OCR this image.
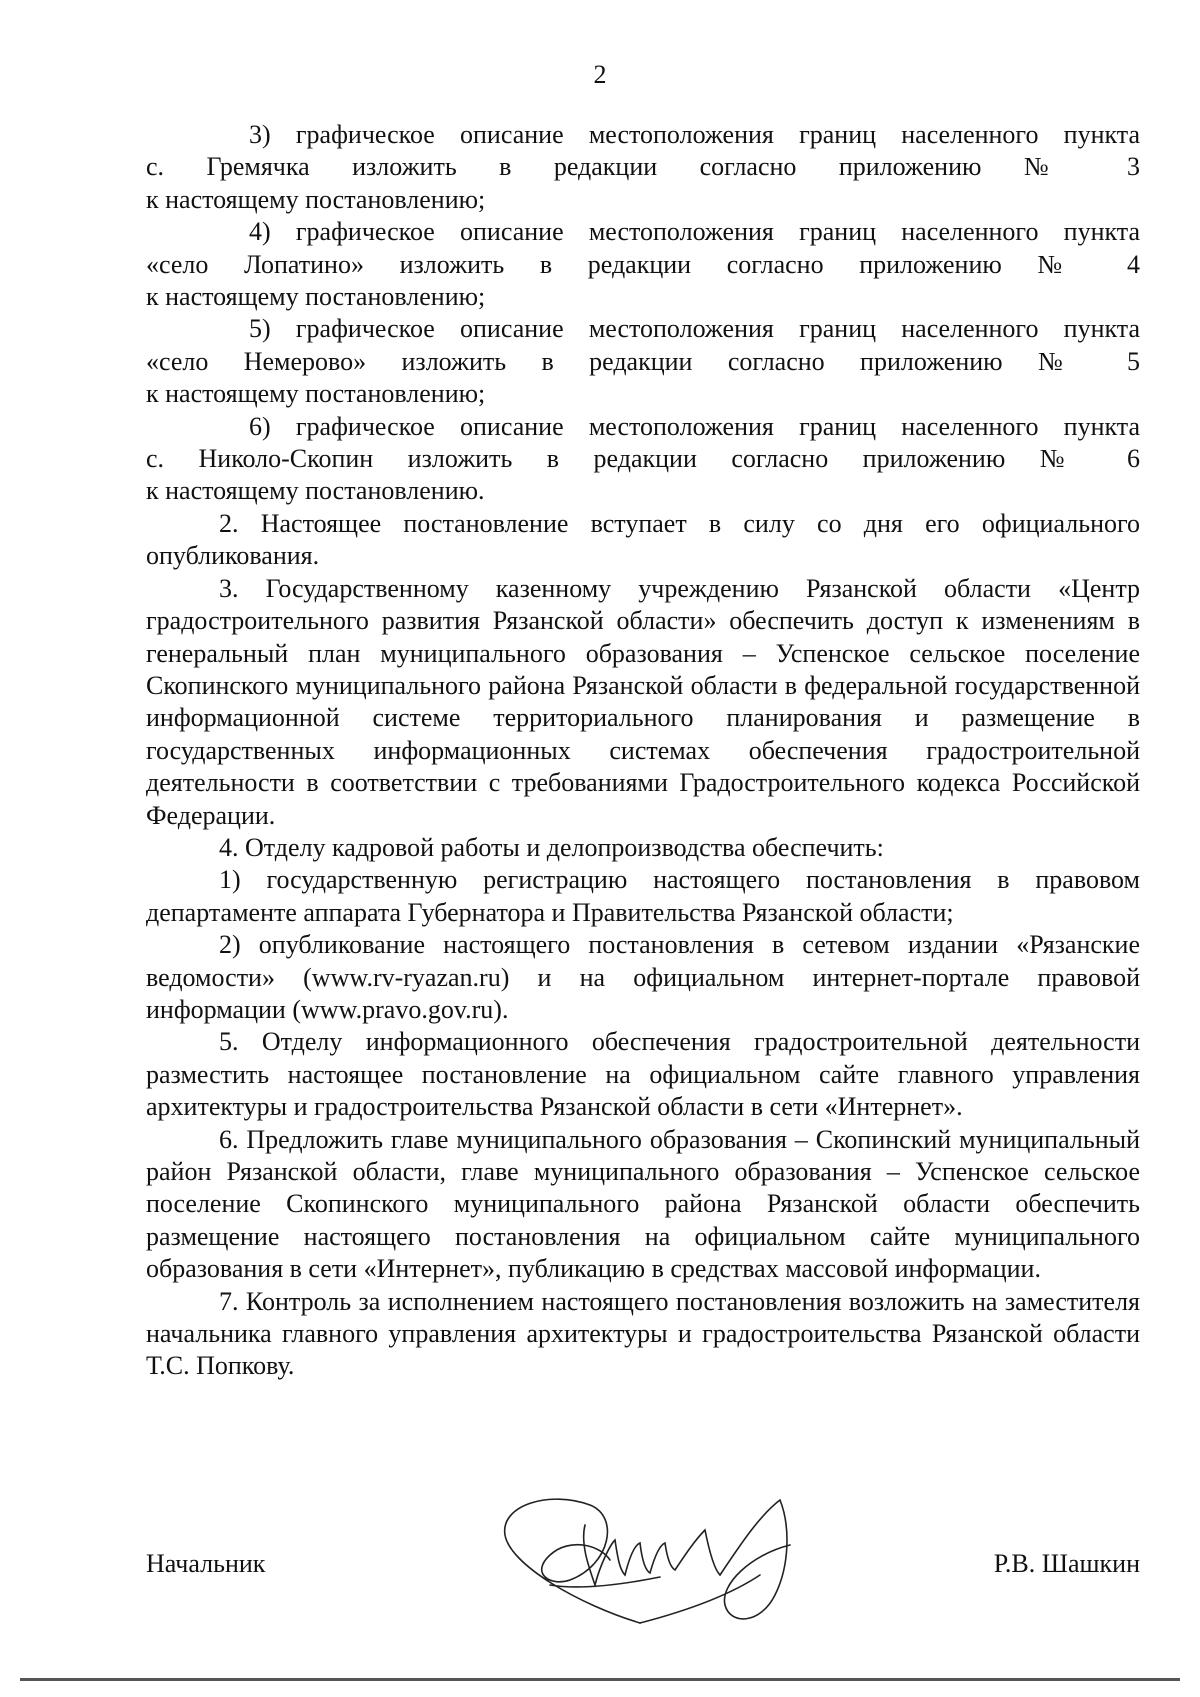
2

3) графическое описание местоположения границ населенного пункта

с. Гремячка изложить в редакции согласно приложению № 3

к настоящему постановлению;

4) графическое описание местоположения границ населенного пункта

«село Лопатино» изложить в редакции согласно приложению № 4

к настоящему постановлению;

5) графическое описание местоположения границ населенного пункта

«село Немерово» изложить в редакции согласно приложению № 5

к настоящему постановлению;

6) графическое описание местоположения границ населенного пункта

с. Николо-Скопин изложить в редакции согласно приложению № 6

к настоящему постановлению.

2. Настоящее постановление вступает в силу со дня его официального опубликования.

3. Государственному казенному учреждению Рязанской области «Центр градостроительного развития Рязанской области» обеспечить доступ к изменениям в генеральный план муниципального образования – Успенское сельское поселение Скопинского муниципального района Рязанской области в федеральной государственной информационной системе территориального планирования и размещение в государственных информационных системах обеспечения градостроительной деятельности в соответствии с требованиями Градостроительного кодекса Российской Федерации.

4. Отделу кадровой работы и делопроизводства обеспечить:

1) государственную регистрацию настоящего постановления в правовом департаменте аппарата Губернатора и Правительства Рязанской области;

2) опубликование настоящего постановления в сетевом издании «Рязанские ведомости» (www.rv-ryazan.ru) и на официальном интернет-портале правовой информации (www.pravo.gov.ru).

5. Отделу информационного обеспечения градостроительной деятельности разместить настоящее постановление на официальном сайте главного управления архитектуры и градостроительства Рязанской области в сети «Интернет».

6. Предложить главе муниципального образования – Скопинский муниципальный район Рязанской области, главе муниципального образования – Успенское сельское поселение Скопинского муниципального района Рязанской области обеспечить размещение настоящего постановления на официальном сайте муниципального образования в сети «Интернет», публикацию в средствах массовой информации.

7. Контроль за исполнением настоящего постановления возложить на заместителя начальника главного управления архитектуры и градостроительства Рязанской области Т.С. Попкову.

Начальник	Р.В. Шашкин
